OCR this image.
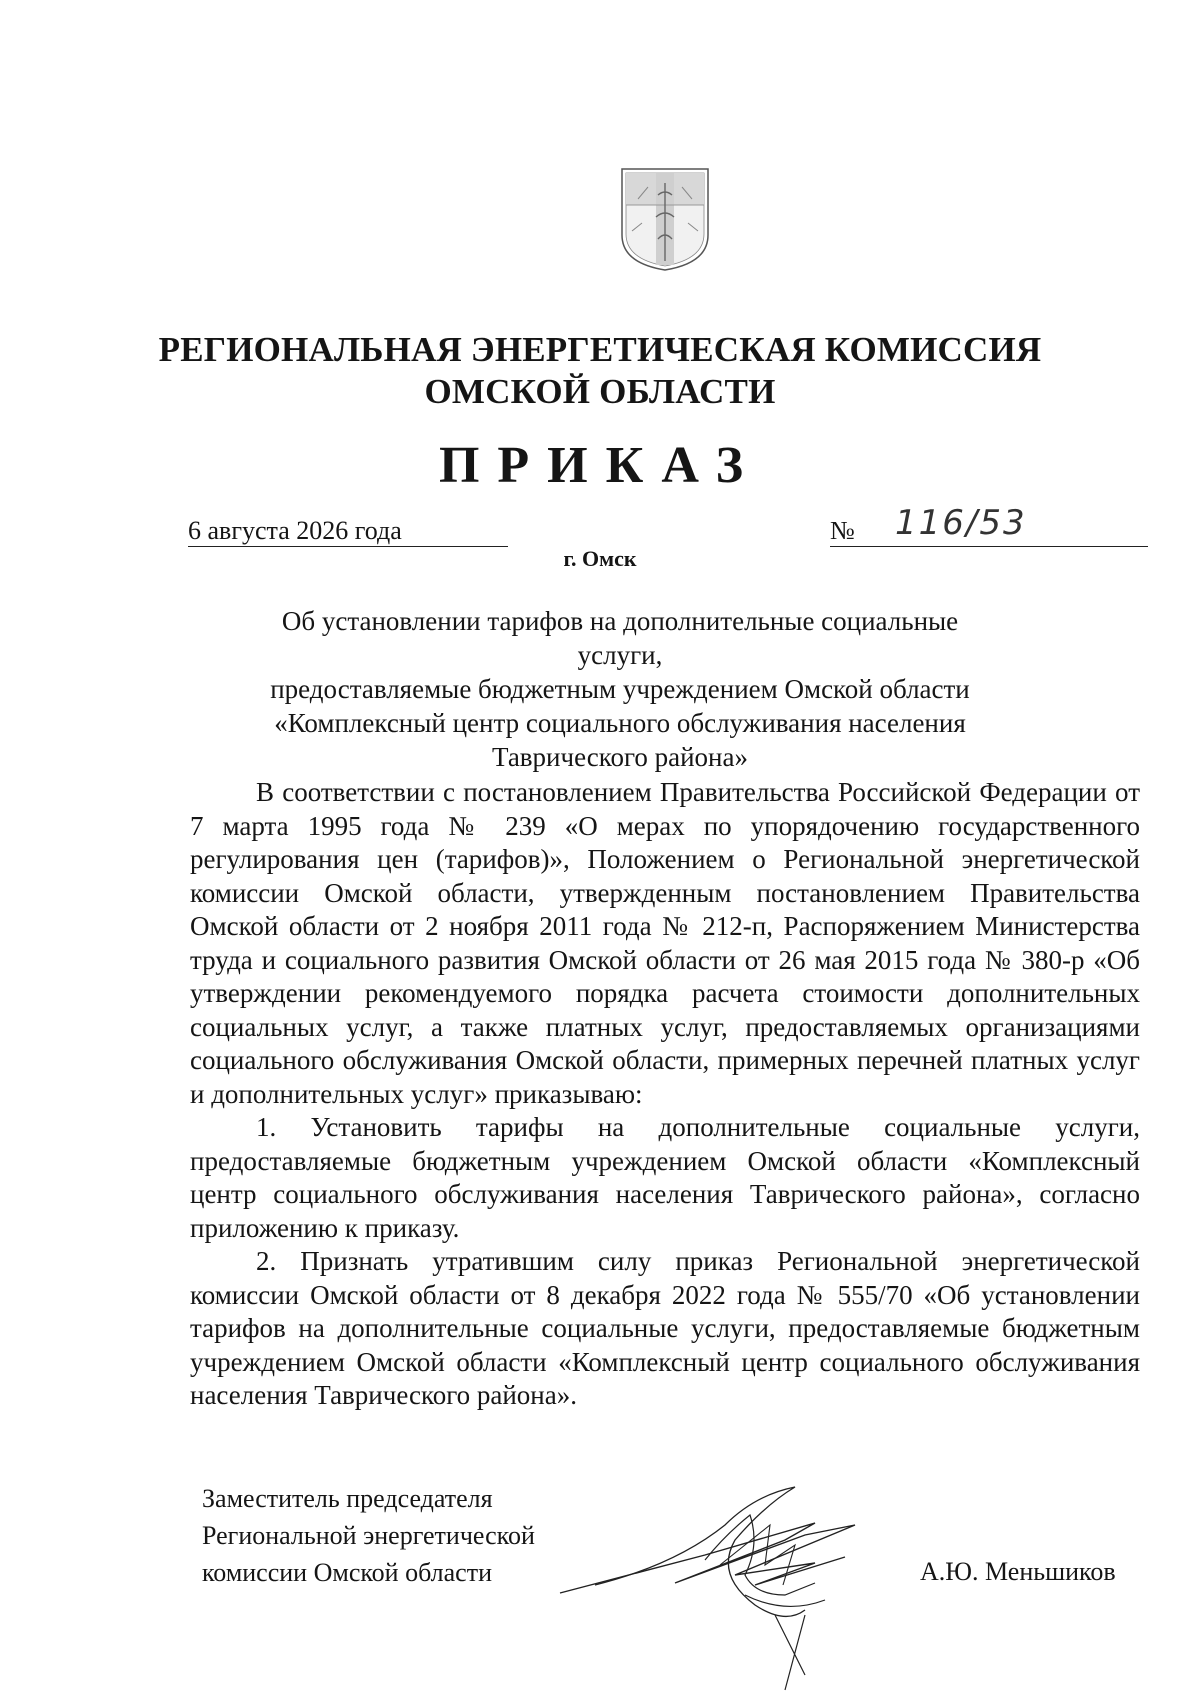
РЕГИОНАЛЬНАЯ ЭНЕРГЕТИЧЕСКАЯ КОМИССИЯ
ОМСКОЙ ОБЛАСТИ
ПРИКАЗ
6 августа 2026 года	№ 116/53
г. Омск
Об установлении тарифов на дополнительные социальные услуги,
предоставляемые бюджетным учреждением Омской области
«Комплексный центр социального обслуживания населения
Таврического района»

В соответствии с постановлением Правительства Российской Федерации от 7 марта 1995 года № 239 «О мерах по упорядочению государственного регулирования цен (тарифов)», Положением о Региональной энергетической комиссии Омской области, утвержденным постановлением Правительства Омской области от 2 ноября 2011 года № 212-п, Распоряжением Министерства труда и социального развития Омской области от 26 мая 2015 года № 380-р «Об утверждении рекомендуемого порядка расчета стоимости дополнительных социальных услуг, а также платных услуг, предоставляемых организациями социального обслуживания Омской области, примерных перечней платных услуг и дополнительных услуг» приказываю:

1. Установить тарифы на дополнительные социальные услуги, предоставляемые бюджетным учреждением Омской области «Комплексный центр социального обслуживания населения Таврического района», согласно приложению к приказу.

2. Признать утратившим силу приказ Региональной энергетической комиссии Омской области от 8 декабря 2022 года № 555/70 «Об установлении тарифов на дополнительные социальные услуги, предоставляемые бюджетным учреждением Омской области «Комплексный центр социального обслуживания населения Таврического района».

Заместитель председателя
Региональной энергетической
комиссии Омской области	А.Ю. Меньшиков
